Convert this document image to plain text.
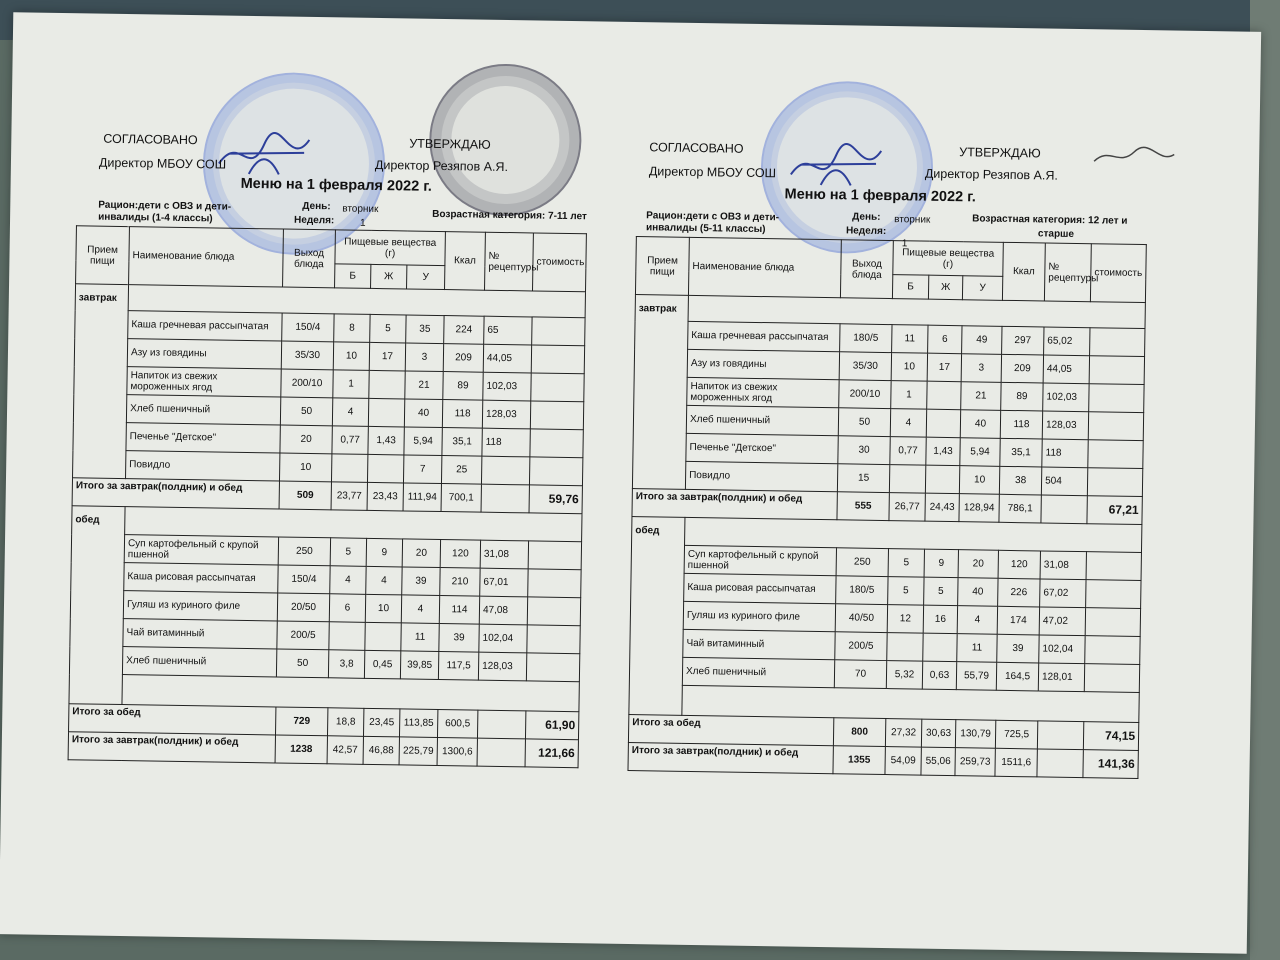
СОГЛАСОВАНО	УТВЕРЖДАЮ
Директор МБОУ СОШ	Директор Резяпов А.Я.
Меню на 1 февраля 2022 г.
Рацион:дети с ОВЗ и дети-
инвалиды (1-4 классы)
День: вторник
Неделя:	1
Возрастная категория: 7-11 лет
Прием пищи	Наименование блюда	Выход блюда	Пищевые вещества (г)			Ккал	№ рецептуры	стоимость
			Б	Ж	У			
завтрак								
	Каша гречневая рассыпчатая	150/4	8	5	35	224	65	
	Азу из говядины	35/30	10	17	3	209	44,05	
	Напиток из свежих мороженных ягод	200/10	1		21	89	102,03	
	Хлеб пшеничный	50	4		40	118	128,03	
	Печенье "Детское"	20	0,77	1,43	5,94	35,1	118	
	Повидло	10			7	25		
Итого за завтрак(полдник) и обед		509	23,77	23,43	111,94	700,1		59,76
обед								
	Суп картофельный с крупой пшенной	250	5	9	20	120	31,08	
	Каша рисовая рассыпчатая	150/4	4	4	39	210	67,01	
	Гуляш из куриного филе	20/50	6	10	4	114	47,08	
	Чай витаминный	200/5			11	39	102,04	
	Хлеб пшеничный	50	3,8	0,45	39,85	117,5	128,03	

Итого за обед		729	18,8	23,45	113,85	600,5		61,90
Итого за завтрак(полдник) и обед		1238	42,57	46,88	225,79	1300,6		121,66
СОГЛАСОВАНО	УТВЕРЖДАЮ
Директор МБОУ СОШ	Директор Резяпов А.Я.
Меню на 1 февраля 2022 г.
Рацион:дети с ОВЗ и дети-
инвалиды (5-11 классы)
День: вторник
Неделя:
1
Возрастная категория: 12 лет и
старше
Прием пищи	Наименование блюда	Выход блюда	Пищевые вещества (г)			Ккал	№ рецептуры	стоимость
			Б	Ж	У			
завтрак								
	Каша гречневая рассыпчатая	180/5	11	6	49	297	65,02	
	Азу из говядины	35/30	10	17	3	209	44,05	
	Напиток из свежих мороженных ягод	200/10	1		21	89	102,03	
	Хлеб пшеничный	50	4		40	118	128,03	
	Печенье "Детское"	30	0,77	1,43	5,94	35,1	118	
	Повидло	15			10	38	504	
Итого за завтрак(полдник) и обед		555	26,77	24,43	128,94	786,1		67,21
обед								
	Суп картофельный с крупой пшенной	250	5	9	20	120	31,08	
	Каша рисовая рассыпчатая	180/5	5	5	40	226	67,02	
	Гуляш из куриного филе	40/50	12	16	4	174	47,02	
	Чай витаминный	200/5			11	39	102,04	
	Хлеб пшеничный	70	5,32	0,63	55,79	164,5	128,01	

Итого за обед		800	27,32	30,63	130,79	725,5		74,15
Итого за завтрак(полдник) и обед		1355	54,09	55,06	259,73	1511,6		141,36
